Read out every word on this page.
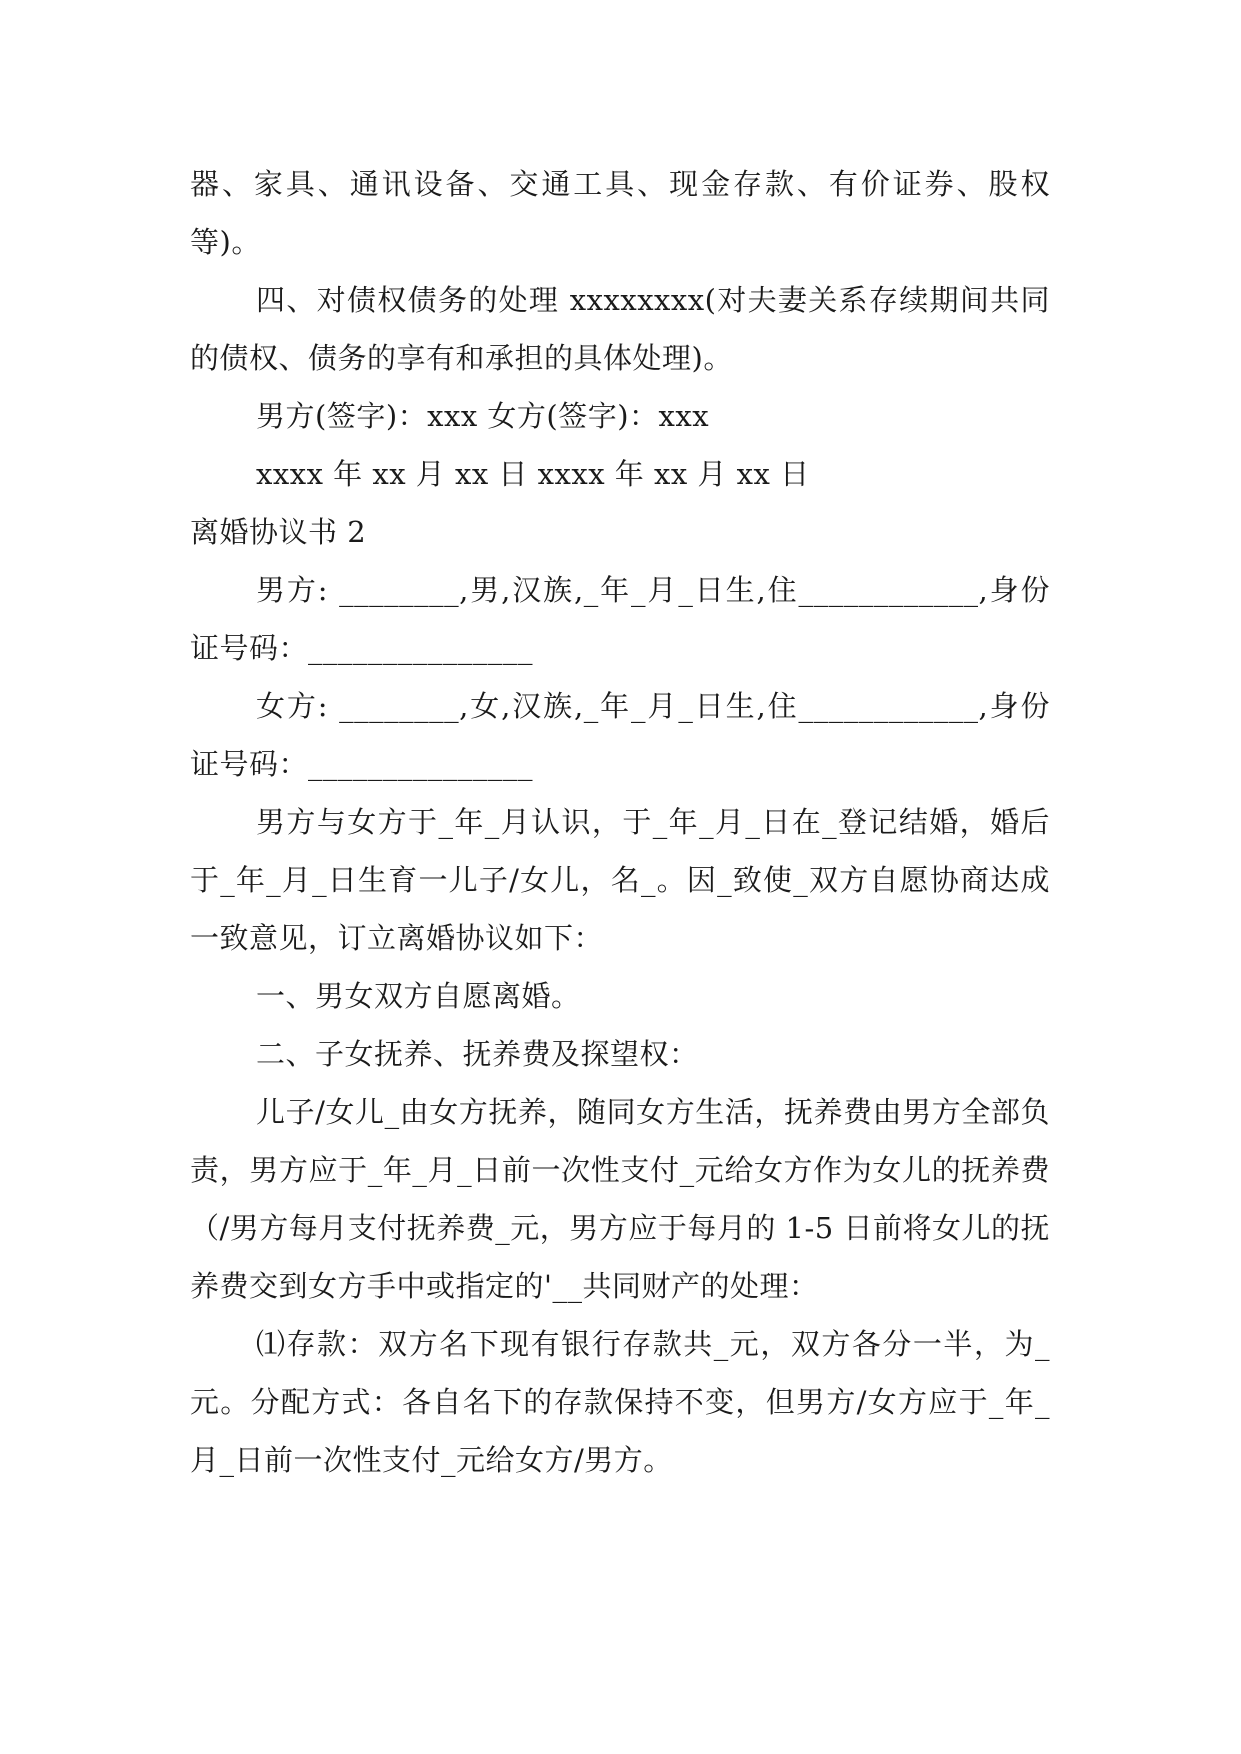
器、家具、通讯设备、交通工具、现金存款、有价证券、股权等)。

四、对债权债务的处理 xxxxxxxx(对夫妻关系存续期间共同的债权、债务的享有和承担的具体处理)。

男方(签字)：xxx 女方(签字)：xxx

xxxx 年 xx 月 xx 日 xxxx 年 xx 月 xx 日

离婚协议书 2

男方: ________,男,汉族,_年_月_日生,住____________,身份证号码：_______________

女方: ________,女,汉族,_年_月_日生,住____________,身份证号码：_______________

男方与女方于_年_月认识，于_年_月_日在_登记结婚，婚后于_年_月_日生育一儿子/女儿，名_。因_致使_双方自愿协商达成一致意见，订立离婚协议如下：

一、男女双方自愿离婚。

二、子女抚养、抚养费及探望权：

儿子/女儿_由女方抚养，随同女方生活，抚养费由男方全部负责，男方应于_年_月_日前一次性支付_元给女方作为女儿的抚养费（/男方每月支付抚养费_元，男方应于每月的 1-5 日前将女儿的抚养费交到女方手中或指定的'__共同财产的处理：

⑴存款：双方名下现有银行存款共_元，双方各分一半，为_元。分配方式：各自名下的存款保持不变，但男方/女方应于_年_月_日前一次性支付_元给女方/男方。
